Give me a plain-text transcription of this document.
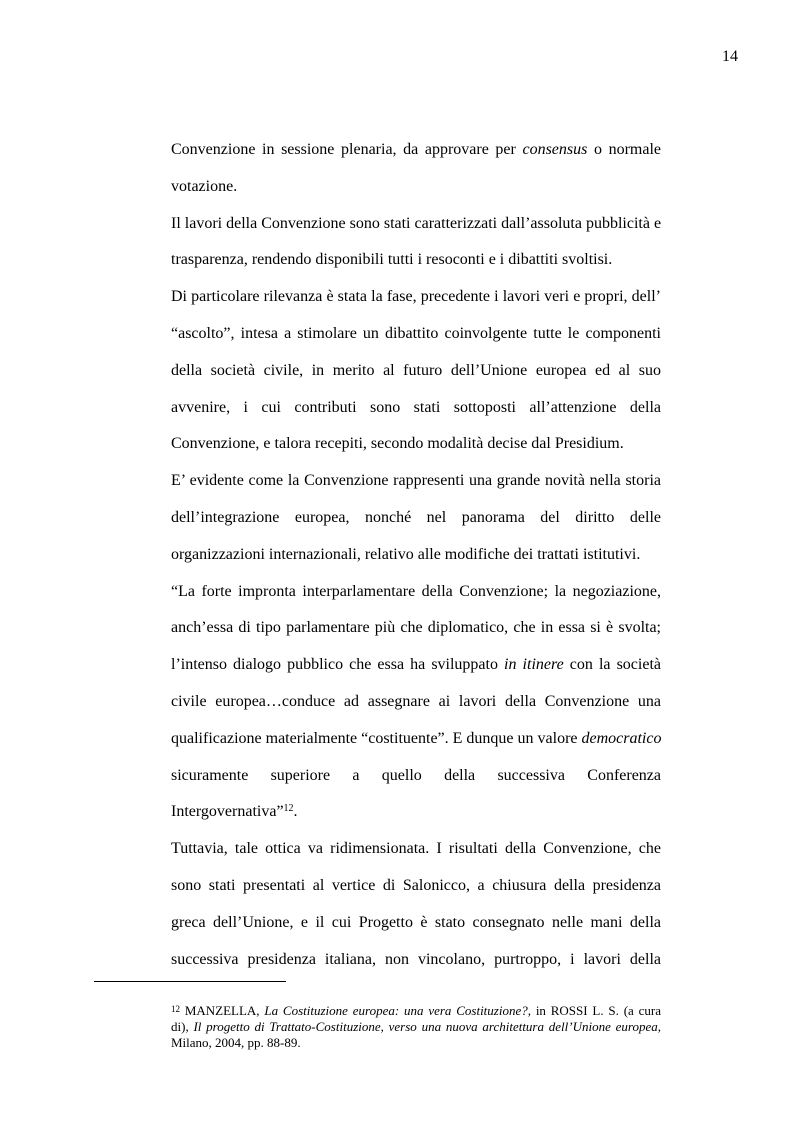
14
Convenzione in sessione plenaria, da approvare per consensus o normale
votazione.
Il lavori della Convenzione sono stati caratterizzati dall’assoluta pubblicità e
trasparenza, rendendo disponibili tutti i resoconti e i dibattiti svoltisi.
Di particolare rilevanza è stata la fase, precedente i lavori veri e propri, dell’
“ascolto”, intesa a stimolare un dibattito coinvolgente tutte le componenti
della società civile, in merito al futuro dell’Unione europea ed al suo
avvenire, i cui contributi sono stati sottoposti all’attenzione della
Convenzione, e talora recepiti, secondo modalità decise dal Presidium.
E’ evidente come la Convenzione rappresenti una grande novità nella storia
dell’integrazione europea, nonché nel panorama del diritto delle
organizzazioni internazionali, relativo alle modifiche dei trattati istitutivi.
“La forte impronta interparlamentare della Convenzione; la negoziazione,
anch’essa di tipo parlamentare più che diplomatico, che in essa si è svolta;
l’intenso dialogo pubblico che essa ha sviluppato in itinere con la società
civile europea…conduce ad assegnare ai lavori della Convenzione una
qualificazione materialmente “costituente”. E dunque un valore democratico
sicuramente superiore a quello della successiva Conferenza
Intergovernativa”$^{12}$.
Tuttavia, tale ottica va ridimensionata. I risultati della Convenzione, che
sono stati presentati al vertice di Salonicco, a chiusura della presidenza
greca dell’Unione, e il cui Progetto è stato consegnato nelle mani della
successiva presidenza italiana, non vincolano, purtroppo, i lavori della
$^{12}$ MANZELLA, La Costituzione europea: una vera Costituzione?, in ROSSI L. S. (a cura
di), Il progetto di Trattato-Costituzione, verso una nuova architettura dell’Unione europea,
Milano, 2004, pp. 88-89.
